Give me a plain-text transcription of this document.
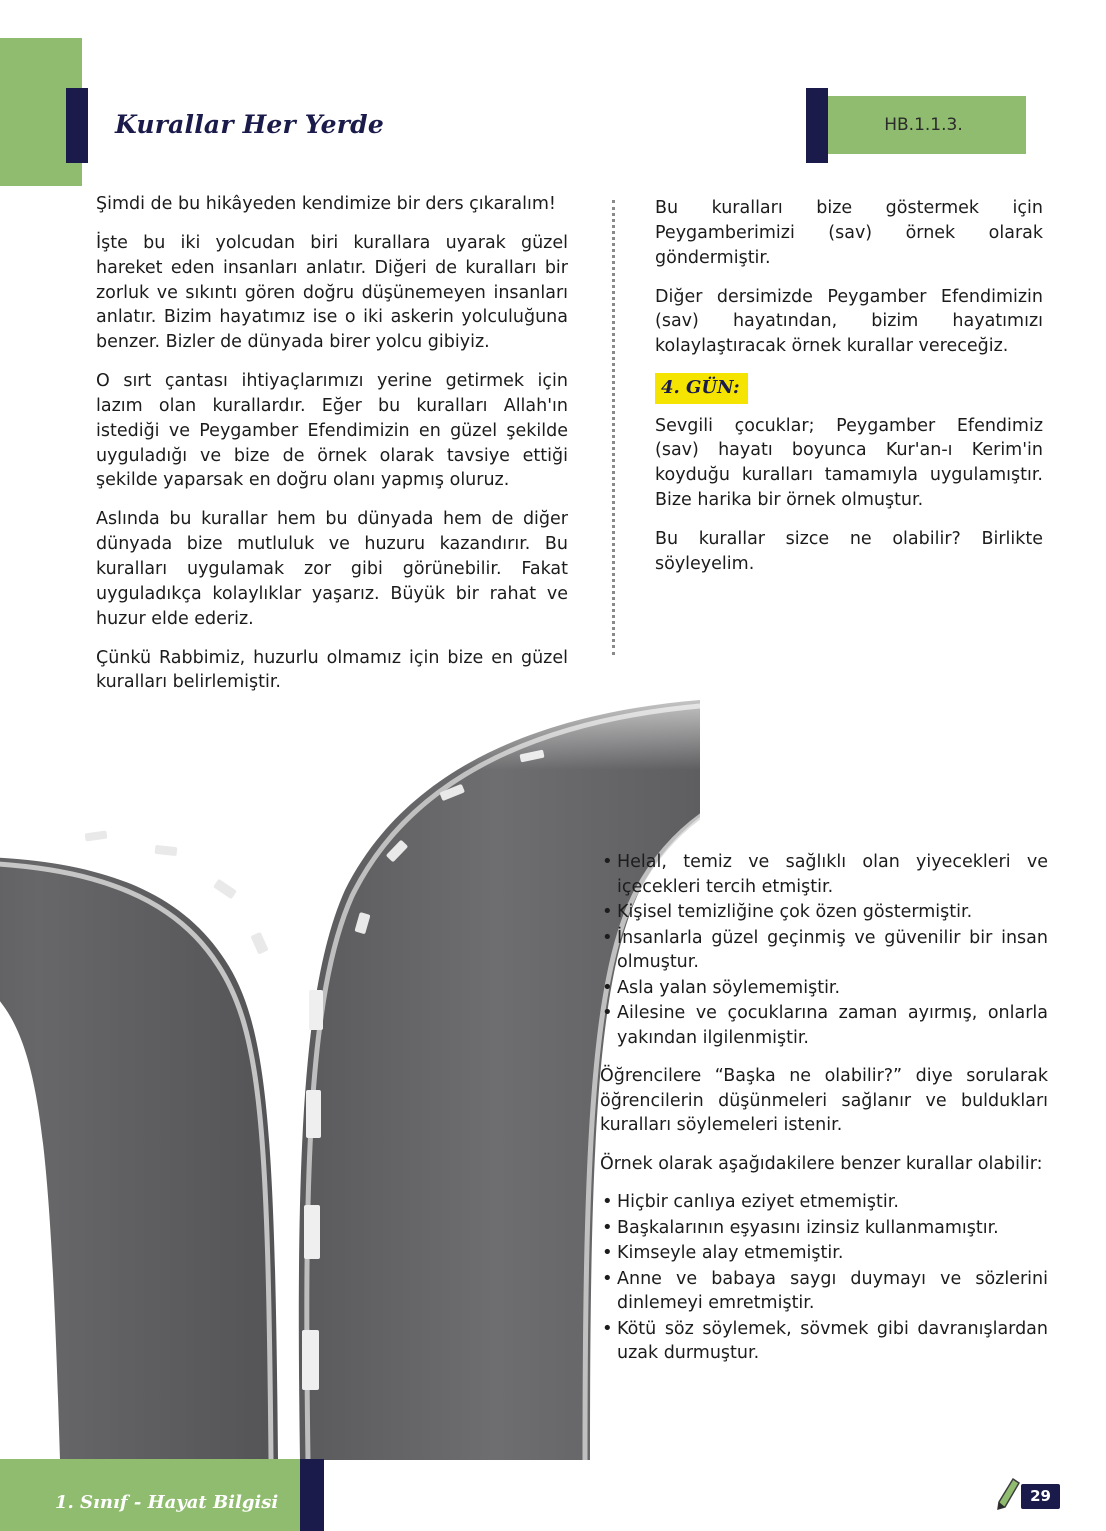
Kurallar Her Yerde	HB.1.1.3.

Şimdi de bu hikâyeden kendimize bir ders çıkaralım!

İşte bu iki yolcudan biri kurallara uyarak güzel hareket eden insanları anlatır. Diğeri de kuralları bir zorluk ve sıkıntı gören doğru düşünemeyen insanları anlatır. Bizim hayatımız ise o iki askerin yolculuğuna benzer. Bizler de dünyada birer yolcu gibiyiz.

O sırt çantası ihtiyaçlarımızı yerine getirmek için lazım olan kurallardır. Eğer bu kuralları Allah'ın istediği ve Peygamber Efendimizin en güzel şekilde uyguladığı ve bize de örnek olarak tavsiye ettiği şekilde yaparsak en doğru olanı yapmış oluruz.

Aslında bu kurallar hem bu dünyada hem de diğer dünyada bize mutluluk ve huzuru kazandırır. Bu kuralları uygulamak zor gibi görünebilir. Fakat uyguladıkça kolaylıklar yaşarız. Büyük bir rahat ve huzur elde ederiz.

Çünkü Rabbimiz, huzurlu olmamız için bize en güzel kuralları belirlemiştir.

Bu kuralları bize göstermek için Peygamberimizi (sav) örnek olarak göndermiştir.

Diğer dersimizde Peygamber Efendimizin (sav) hayatından, bizim hayatımızı kolaylaştıracak örnek kurallar vereceğiz.

4. GÜN:

Sevgili çocuklar; Peygamber Efendimiz (sav) hayatı boyunca Kur'an-ı Kerim'in koyduğu kuralları tamamıyla uygulamıştır. Bize harika bir örnek olmuştur.

Bu kurallar sizce ne olabilir? Birlikte söyleyelim.

• Helal, temiz ve sağlıklı olan yiyecekleri ve içecekleri tercih etmiştir.
• Kişisel temizliğine çok özen göstermiştir.
• İnsanlarla güzel geçinmiş ve güvenilir bir insan olmuştur.
• Asla yalan söylememiştir.
• Ailesine ve çocuklarına zaman ayırmış, onlarla yakından ilgilenmiştir.

Öğrencilere “Başka ne olabilir?” diye sorularak öğrencilerin düşünmeleri sağlanır ve buldukları kuralları söylemeleri istenir.

Örnek olarak aşağıdakilere benzer kurallar olabilir:

• Hiçbir canlıya eziyet etmemiştir.
• Başkalarının eşyasını izinsiz kullanmamıştır.
• Kimseyle alay etmemiştir.
• Anne ve babaya saygı duymayı ve sözlerini dinlemeyi emretmiştir.
• Kötü söz söylemek, sövmek gibi davranışlardan uzak durmuştur.
1. Sınıf - Hayat Bilgisi	29
